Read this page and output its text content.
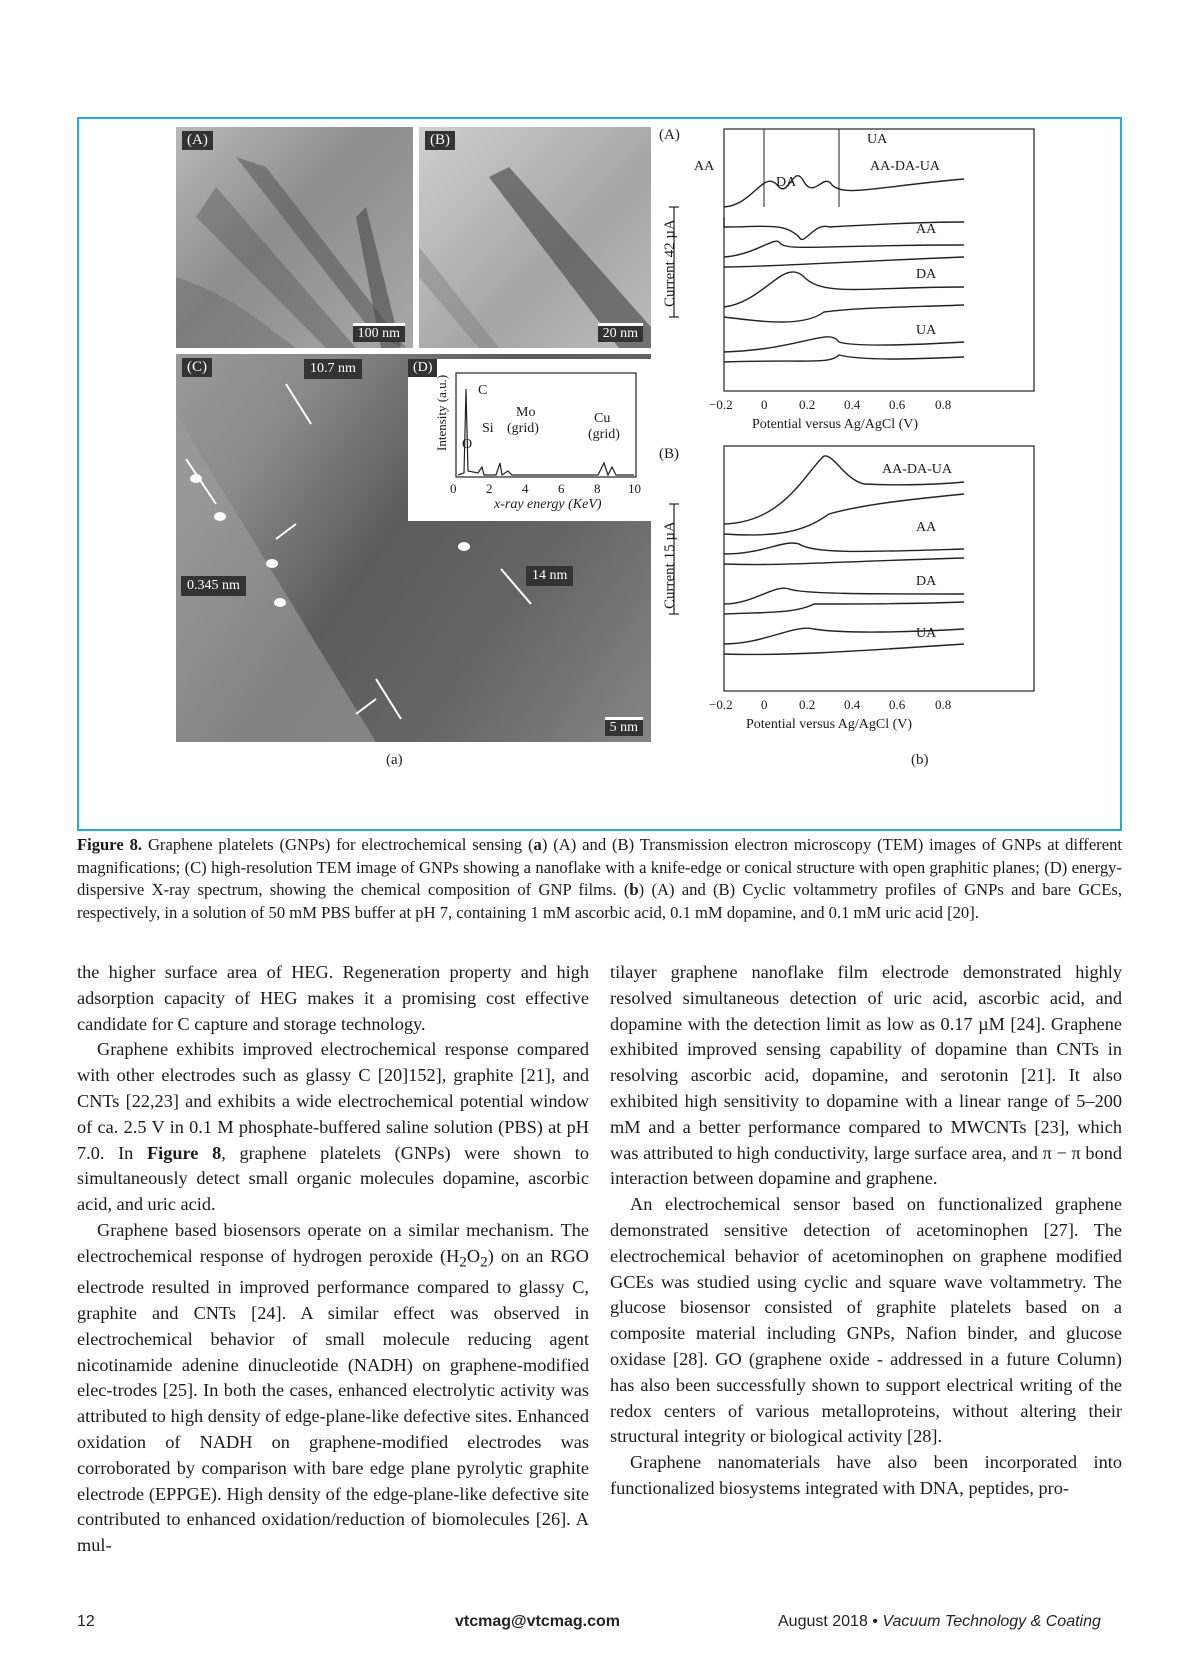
(A)
100 nm
(B)
20 nm
(C)	10.7 nm
0.345 nm
14 nm
5 nm
(D)
Intensity (a.u.) C
O
Si
Mo
(grid)
Cu
(grid)
0 2 4 6 8 10
x-ray energy (KeV)
(a)
(A)
Current 42 µA
AA
DA
UA
AA-DA-UA
AA
DA
UA
−0.2 0 0.2 0.4 0.6 0.8
Potential versus Ag/AgCl (V)
(B)
Current 15 µA
AA-DA-UA
AA
DA
UA
−0.2 0 0.2 0.4 0.6 0.8
Potential versus Ag/AgCl (V)
(b)
Figure 8. Graphene platelets (GNPs) for electrochemical sensing (a) (A) and (B) Transmission electron microscopy (TEM) images of GNPs at different magnifications; (C) high-resolution TEM image of GNPs showing a nanoflake with a knife-edge or conical structure with open graphitic planes; (D) energy-dispersive X-ray spectrum, showing the chemical composition of GNP films. (b) (A) and (B) Cyclic voltammetry profiles of GNPs and bare GCEs, respectively, in a solution of 50 mM PBS buffer at pH 7, containing 1 mM ascorbic acid, 0.1 mM dopamine, and 0.1 mM uric acid [20].

the higher surface area of HEG. Regeneration property and high adsorption capacity of HEG makes it a promising cost effective candidate for C capture and storage technology.

Graphene exhibits improved electrochemical response compared with other electrodes such as glassy C [20]152], graphite [21], and CNTs [22,23] and exhibits a wide electrochemical potential window of ca. 2.5 V in 0.1 M phosphate-buffered saline solution (PBS) at pH 7.0. In Figure 8, graphene platelets (GNPs) were shown to simultaneously detect small organic molecules dopamine, ascorbic acid, and uric acid.

Graphene based biosensors operate on a similar mechanism. The electrochemical response of hydrogen peroxide $(H_2O_2)$ on an RGO electrode resulted in improved performance compared to glassy C, graphite and CNTs [24]. A similar effect was observed in electrochemical behavior of small molecule reducing agent nicotinamide adenine dinucleotide (NADH) on graphene-modified elec-trodes [25]. In both the cases, enhanced electrolytic activity was attributed to high density of edge-plane-like defective sites. Enhanced oxidation of NADH on graphene-modified electrodes was corroborated by comparison with bare edge plane pyrolytic graphite electrode (EPPGE). High density of the edge-plane-like defective site contributed to enhanced oxidation/reduction of biomolecules [26]. A mul-

tilayer graphene nanoflake film electrode demonstrated highly resolved simultaneous detection of uric acid, ascorbic acid, and dopamine with the detection limit as low as 0.17 µM [24]. Graphene exhibited improved sensing capability of dopamine than CNTs in resolving ascorbic acid, dopamine, and serotonin [21]. It also exhibited high sensitivity to dopamine with a linear range of 5–200 mM and a better performance compared to MWCNTs [23], which was attributed to high conductivity, large surface area, and π − π bond interaction between dopamine and graphene.

An electrochemical sensor based on functionalized graphene demonstrated sensitive detection of acetominophen [27]. The electrochemical behavior of acetominophen on graphene modified GCEs was studied using cyclic and square wave voltammetry. The glucose biosensor consisted of graphite platelets based on a composite material including GNPs, Nafion binder, and glucose oxidase [28]. GO (graphene oxide - addressed in a future Column) has also been successfully shown to support electrical writing of the redox centers of various metalloproteins, without altering their structural integrity or biological activity [28].

Graphene nanomaterials have also been incorporated into functionalized biosystems integrated with DNA, peptides, pro-

12	vtcmag@vtcmag.com	August 2018 • Vacuum Technology & Coating
